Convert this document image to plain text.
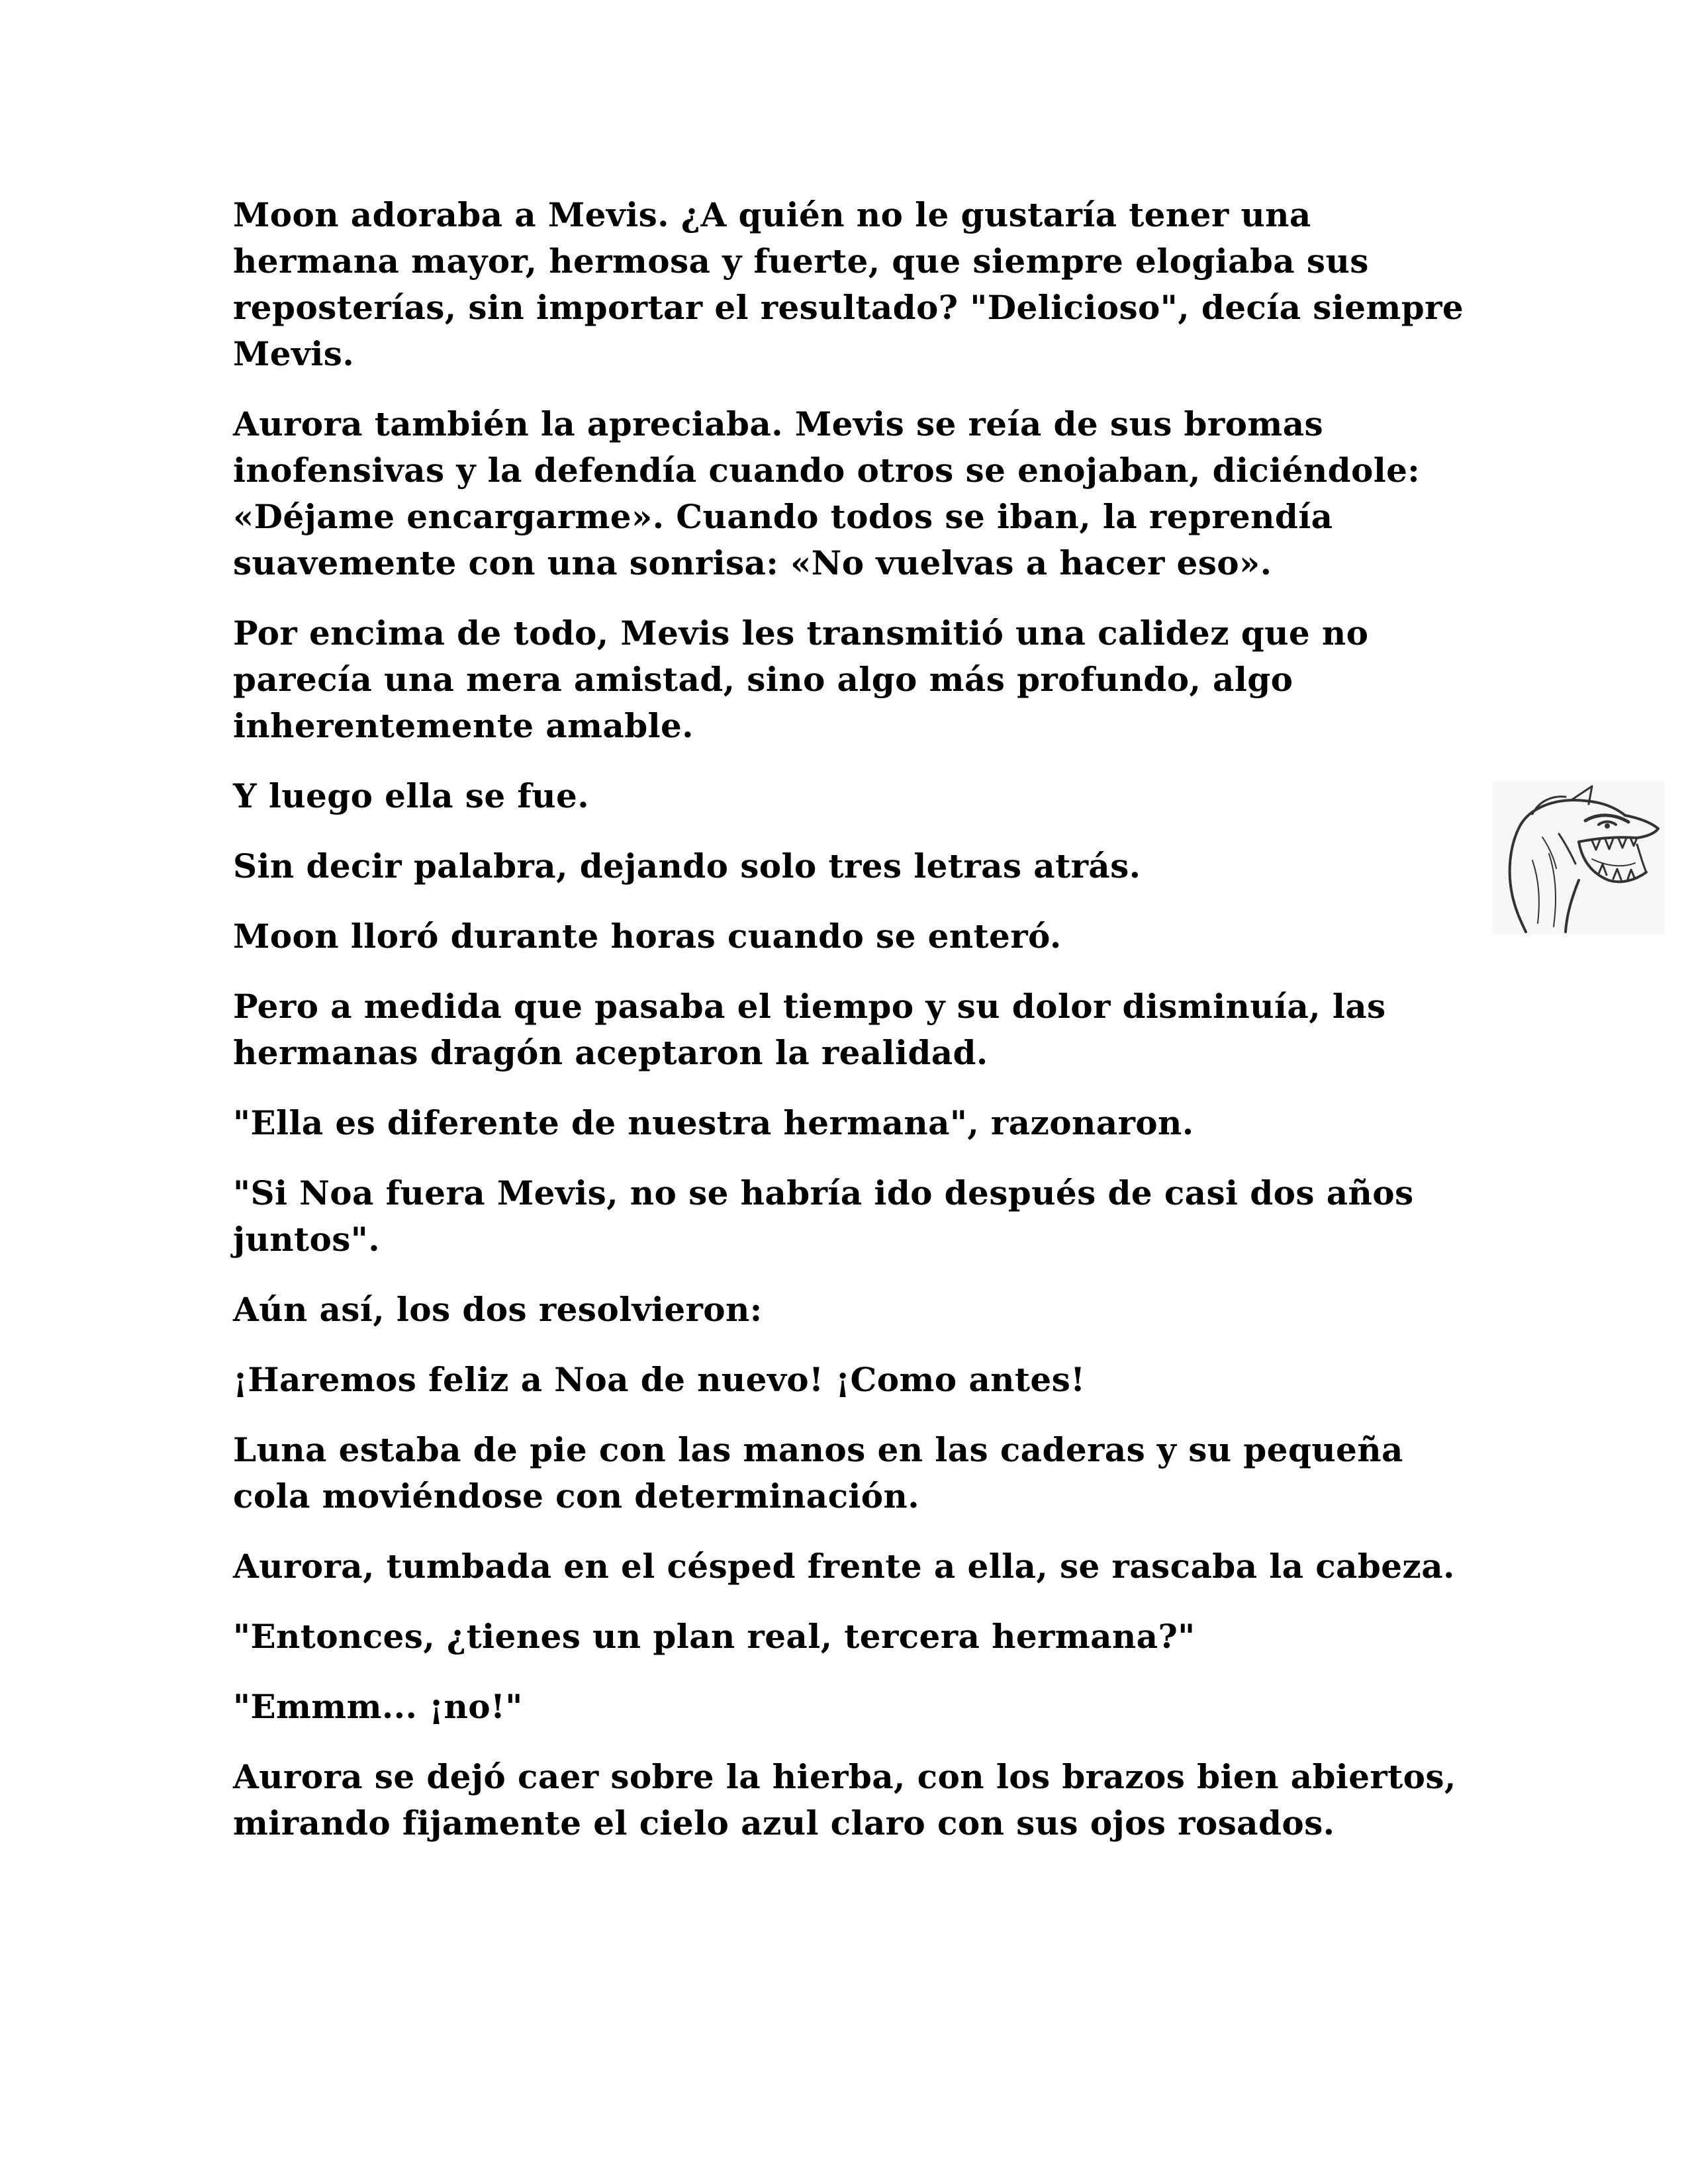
Moon adoraba a Mevis. ¿A quién no le gustaría tener una hermana mayor, hermosa y fuerte, que siempre elogiaba sus reposterías, sin importar el resultado? "Delicioso", decía siempre Mevis.

Aurora también la apreciaba. Mevis se reía de sus bromas inofensivas y la defendía cuando otros se enojaban, diciéndole: «Déjame encargarme». Cuando todos se iban, la reprendía suavemente con una sonrisa: «No vuelvas a hacer eso».

Por encima de todo, Mevis les transmitió una calidez que no parecía una mera amistad, sino algo más profundo, algo inherentemente amable.

Y luego ella se fue.

Sin decir palabra, dejando solo tres letras atrás.

Moon lloró durante horas cuando se enteró.

Pero a medida que pasaba el tiempo y su dolor disminuía, las hermanas dragón aceptaron la realidad.

"Ella es diferente de nuestra hermana", razonaron.

"Si Noa fuera Mevis, no se habría ido después de casi dos años juntos".

Aún así, los dos resolvieron:

¡Haremos feliz a Noa de nuevo! ¡Como antes!

Luna estaba de pie con las manos en las caderas y su pequeña cola moviéndose con determinación.

Aurora, tumbada en el césped frente a ella, se rascaba la cabeza.

"Entonces, ¿tienes un plan real, tercera hermana?"

"Emmm... ¡no!"

Aurora se dejó caer sobre la hierba, con los brazos bien abiertos, mirando fijamente el cielo azul claro con sus ojos rosados.
